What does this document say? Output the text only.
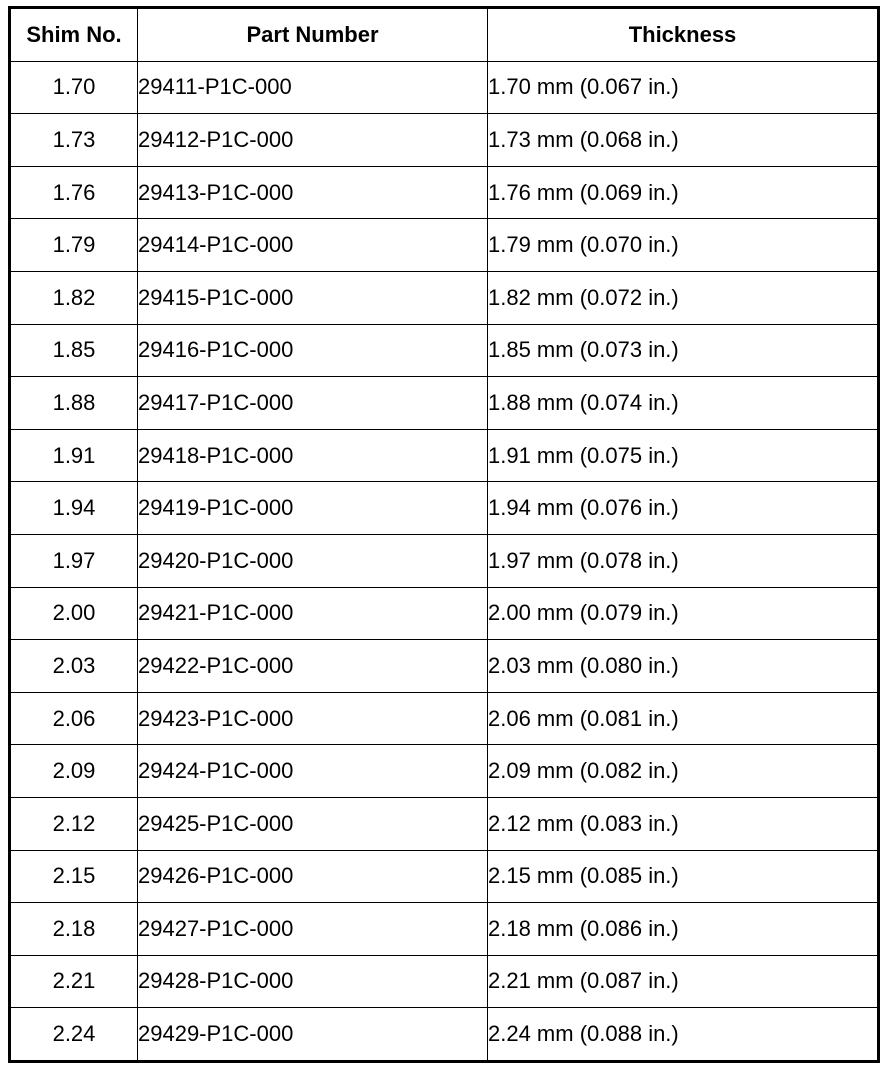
Shim No.	Part Number	Thickness
1.70	29411-P1C-000	1.70 mm (0.067 in.)
1.73	29412-P1C-000	1.73 mm (0.068 in.)
1.76	29413-P1C-000	1.76 mm (0.069 in.)
1.79	29414-P1C-000	1.79 mm (0.070 in.)
1.82	29415-P1C-000	1.82 mm (0.072 in.)
1.85	29416-P1C-000	1.85 mm (0.073 in.)
1.88	29417-P1C-000	1.88 mm (0.074 in.)
1.91	29418-P1C-000	1.91 mm (0.075 in.)
1.94	29419-P1C-000	1.94 mm (0.076 in.)
1.97	29420-P1C-000	1.97 mm (0.078 in.)
2.00	29421-P1C-000	2.00 mm (0.079 in.)
2.03	29422-P1C-000	2.03 mm (0.080 in.)
2.06	29423-P1C-000	2.06 mm (0.081 in.)
2.09	29424-P1C-000	2.09 mm (0.082 in.)
2.12	29425-P1C-000	2.12 mm (0.083 in.)
2.15	29426-P1C-000	2.15 mm (0.085 in.)
2.18	29427-P1C-000	2.18 mm (0.086 in.)
2.21	29428-P1C-000	2.21 mm (0.087 in.)
2.24	29429-P1C-000	2.24 mm (0.088 in.)
